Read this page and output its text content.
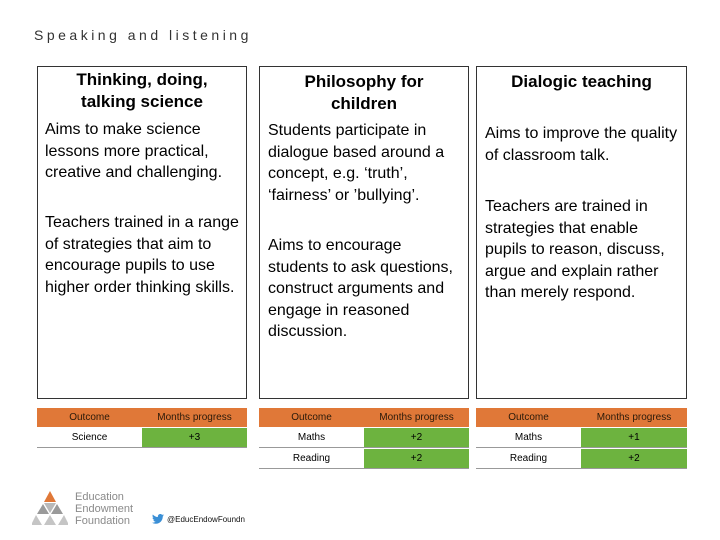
Speaking and listening
Thinking, doing, talking science
Aims to make science lessons more practical, creative and challenging.
Teachers trained in a range of strategies that aim to encourage pupils to use higher order thinking skills.
Philosophy for children
Students participate in dialogue based around a concept, e.g. ‘truth’, ‘fairness’ or ’bullying’.
Aims to encourage students to ask questions, construct arguments and engage in reasoned discussion.
Dialogic teaching
Aims to improve the quality of classroom talk.
Teachers are trained in strategies that enable pupils to reason, discuss, argue and explain rather than merely respond.
Outcome	Months progress
Science	+3
Outcome	Months progress
Maths	+2
Reading	+2
Outcome	Months progress
Maths	+1
Reading	+2
Education
Endowment
Foundation	@EducEndowFoundn
